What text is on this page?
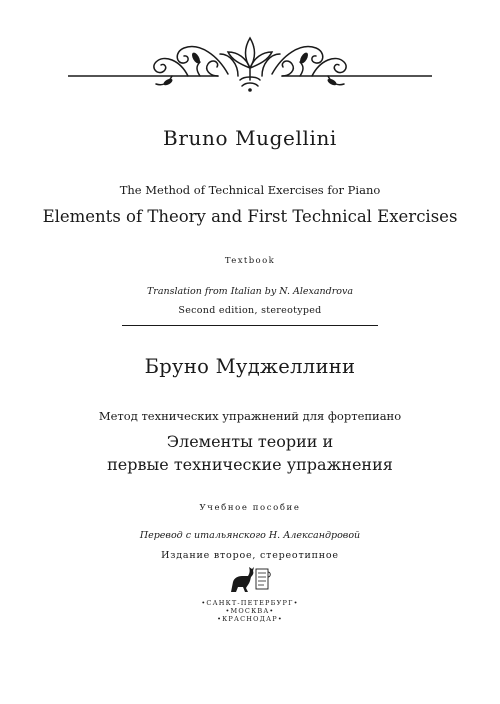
Bruno Mugellini
The Method of Technical Exercises for Piano
Elements of Theory and First Technical Exercises
Textbook
Translation from Italian by N. Alexandrova
Second edition, stereotyped
Бруно Муджеллини
Метод технических упражнений для фортепиано
Элементы теории и
первые технические упражнения
Учебное пособие
Перевод с итальянского Н. Александровой
Издание второе, стереотипное
•САНКТ-ПЕТЕРБУРГ•
•МОСКВА•
•КРАСНОДАР•
